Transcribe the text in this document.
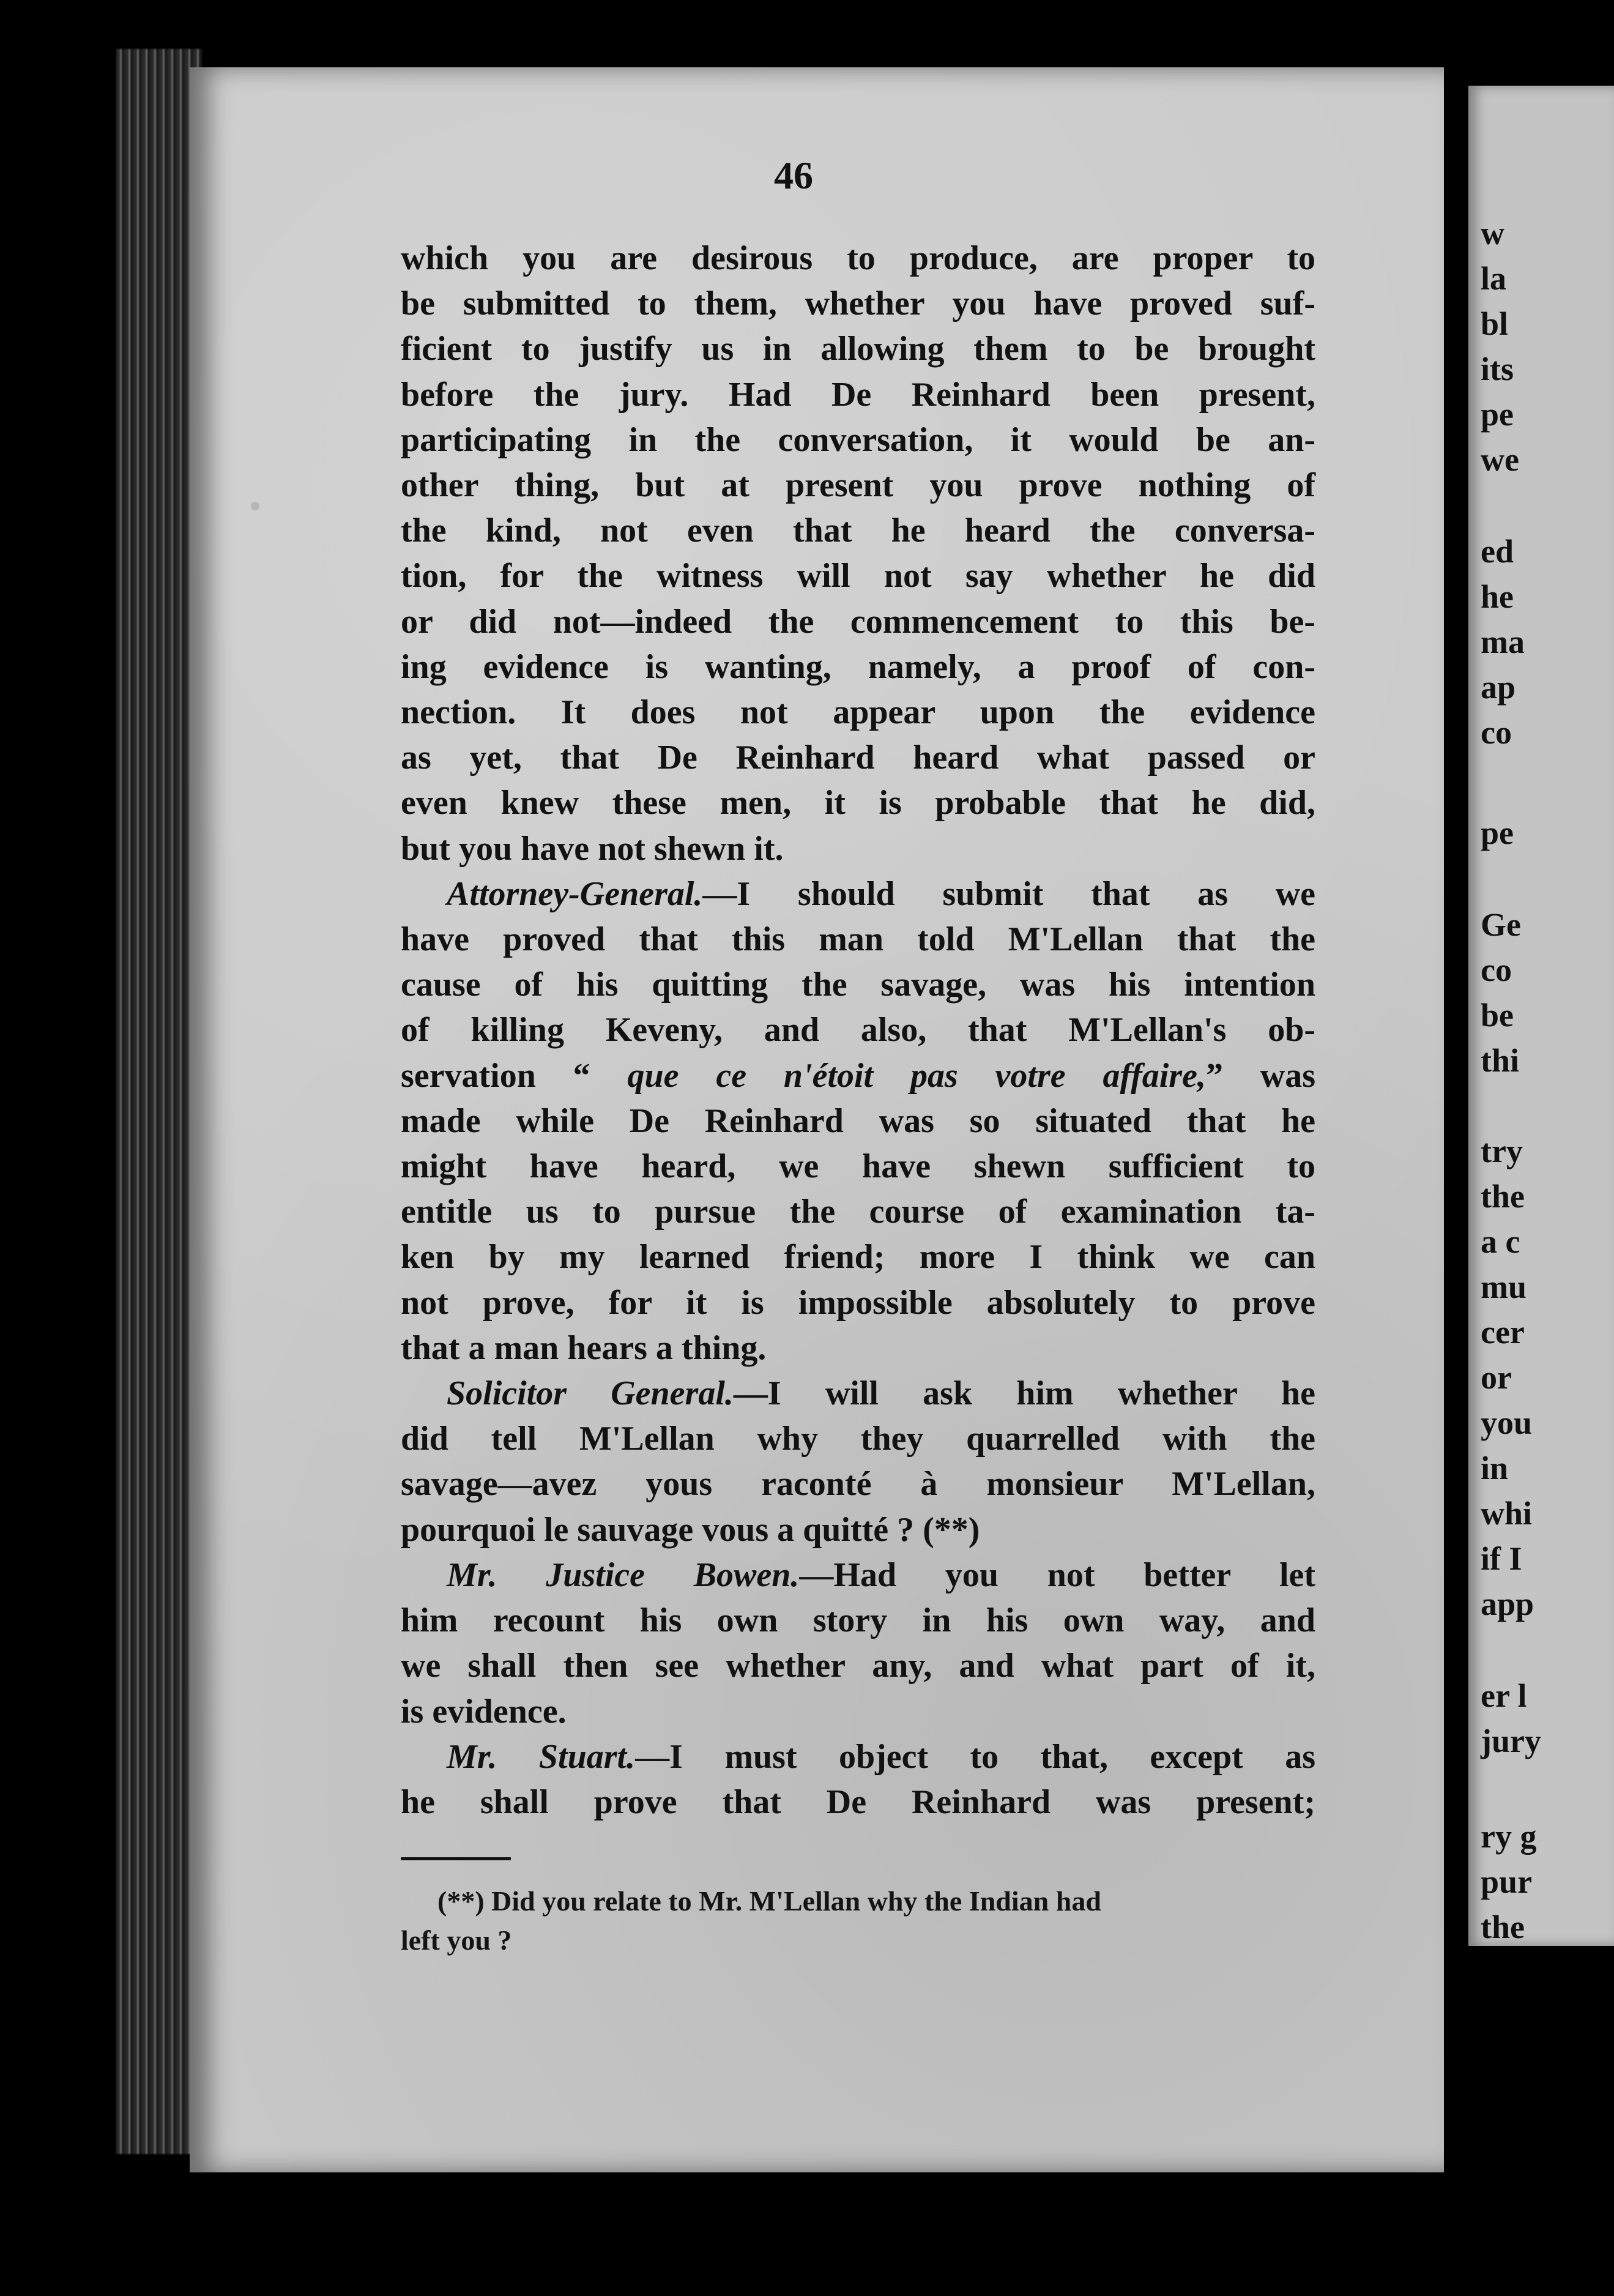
w
la
bl
its
pe
we
ed
he
ma
ap
co
pe
Ge
co
be
thi
try
the
a c
mu
cer
or
you
in
whi
if I
app
er l
jury
ry g
pur
the
46
which you are desirous to produce, are proper to
be submitted to them, whether you have proved suf-
ficient to justify us in allowing them to be brought
before the jury. Had De Reinhard been present,
participating in the conversation, it would be an-
other thing, but at present you prove nothing of
the kind, not even that he heard the conversa-
tion, for the witness will not say whether he did
or did not—indeed the commencement to this be-
ing evidence is wanting, namely, a proof of con-
nection. It does not appear upon the evidence
as yet, that De Reinhard heard what passed or
even knew these men, it is probable that he did,
but you have not shewn it.
Attorney-General.—I should submit that as we
have proved that this man told M'Lellan that the
cause of his quitting the savage, was his intention
of killing Keveny, and also, that M'Lellan's ob-
servation “ que ce n'étoit pas votre affaire,” was
made while De Reinhard was so situated that he
might have heard, we have shewn sufficient to
entitle us to pursue the course of examination ta-
ken by my learned friend; more I think we can
not prove, for it is impossible absolutely to prove
that a man hears a thing.
Solicitor General.—I will ask him whether he
did tell M'Lellan why they quarrelled with the
savage—avez yous raconté à monsieur M'Lellan,
pourquoi le sauvage vous a quitté ? (**)
Mr. Justice Bowen.—Had you not better let
him recount his own story in his own way, and
we shall then see whether any, and what part of it,
is evidence.
Mr. Stuart.—I must object to that, except as
he shall prove that De Reinhard was present;
(**) Did you relate to Mr. M'Lellan why the Indian had
left you ?
